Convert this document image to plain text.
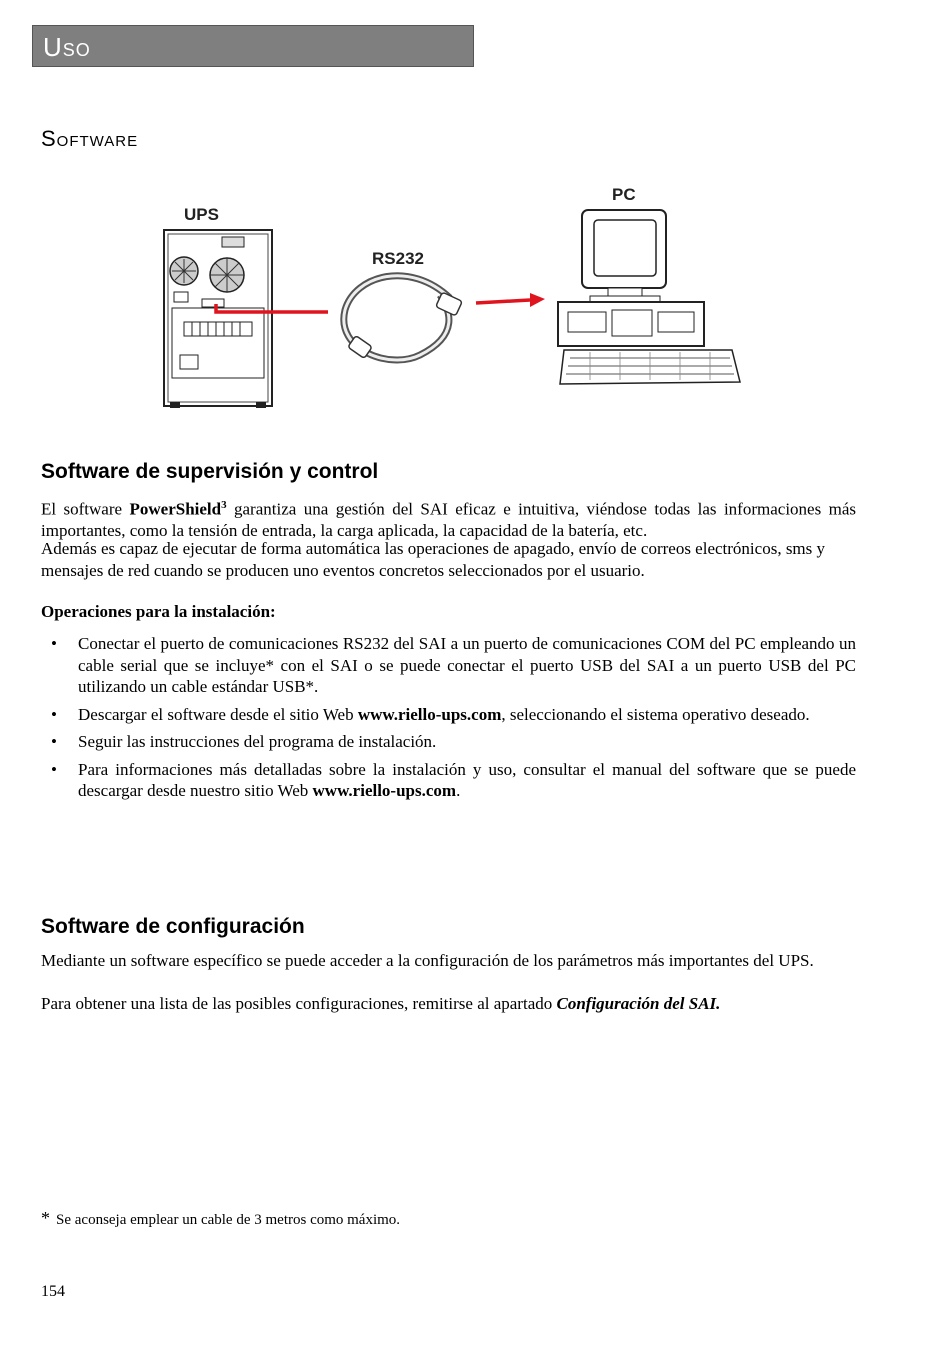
Uso
Software
UPS
RS232
PC
Software de supervisión y control

El software PowerShield$^3$ garantiza una gestión del SAI eficaz e intuitiva, viéndose todas las informaciones más importantes, como la tensión de entrada, la carga aplicada, la capacidad de la batería, etc.

Además es capaz de ejecutar de forma automática las operaciones de apagado, envío de correos electrónicos, sms y mensajes de red cuando se producen uno eventos concretos seleccionados por el usuario.

Operaciones para la instalación:

• Conectar el puerto de comunicaciones RS232 del SAI a un puerto de comunicaciones COM del PC empleando un cable serial que se incluye* con el SAI o se puede conectar el puerto USB del SAI a un puerto USB del PC utilizando un cable estándar USB*.
• Descargar el software desde el sitio Web www.riello-ups.com, seleccionando el sistema operativo deseado.
• Seguir las instrucciones del programa de instalación.
• Para informaciones más detalladas sobre la instalación y uso, consultar el manual del software que se puede descargar desde nuestro sitio Web www.riello-ups.com.
Software de configuración

Mediante un software específico se puede acceder a la configuración de los parámetros más importantes del UPS.

Para obtener una lista de las posibles configuraciones, remitirse al apartado Configuración del SAI.

* Se aconseja emplear un cable de 3 metros como máximo.
154
